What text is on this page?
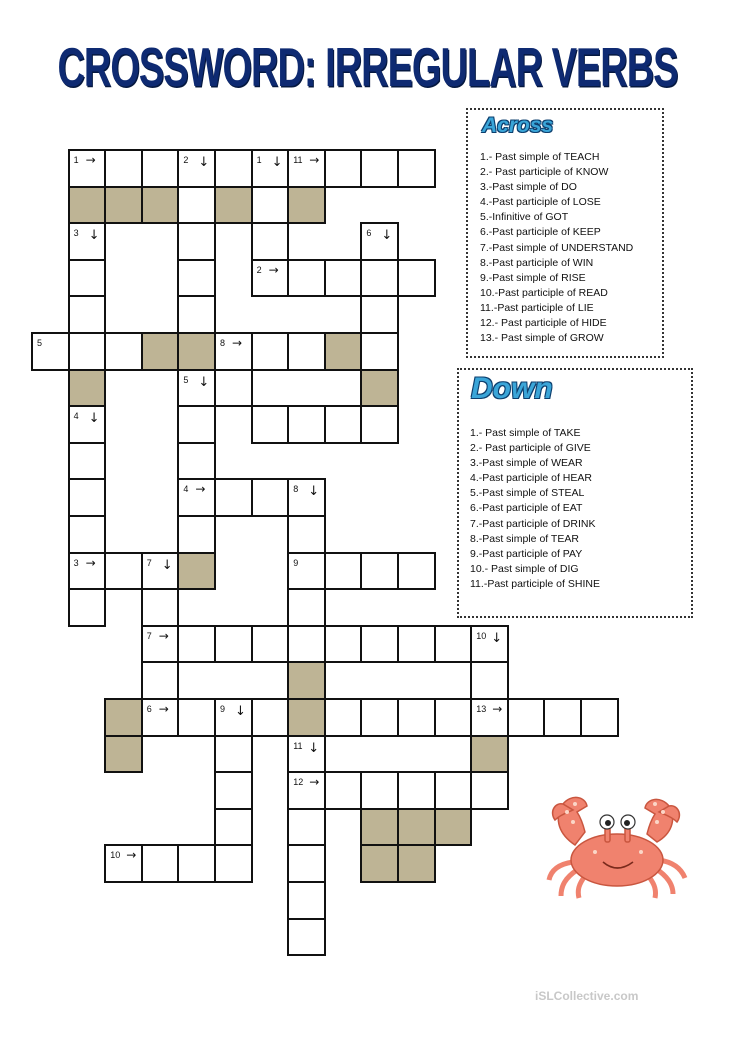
CROSSWORD: IRREGULAR VERBS
1 →	2 ↓	1 ↓ 11 →
3 ↓	6 ↓
2 →
5	8 →
5 ↓
4 ↓
4 →	8 ↓
3 →	7 ↓	9
7 →	10 ↓
6 →	9 ↓	13 →
11 ↓
12 →
10 →
Across
1.- Past simple of TEACH
2.- Past participle of KNOW
3.-Past simple of DO
4.-Past participle of LOSE
5.-Infinitive of GOT
6.-Past participle of KEEP
7.-Past simple of UNDERSTAND
8.-Past participle of WIN
9.-Past simple of RISE
10.-Past participle of READ
11.-Past participle of LIE
12.- Past participle of HIDE
13.- Past simple of GROW
Down
1.- Past simple of TAKE
2.- Past participle of GIVE
3.-Past simple of WEAR
4.-Past participle of HEAR
5.-Past simple of STEAL
6.-Past participle of EAT
7.-Past participle of DRINK
8.-Past simple of TEAR
9.-Past participle of PAY
10.- Past simple of DIG
11.-Past participle of SHINE
iSLCollective.com
